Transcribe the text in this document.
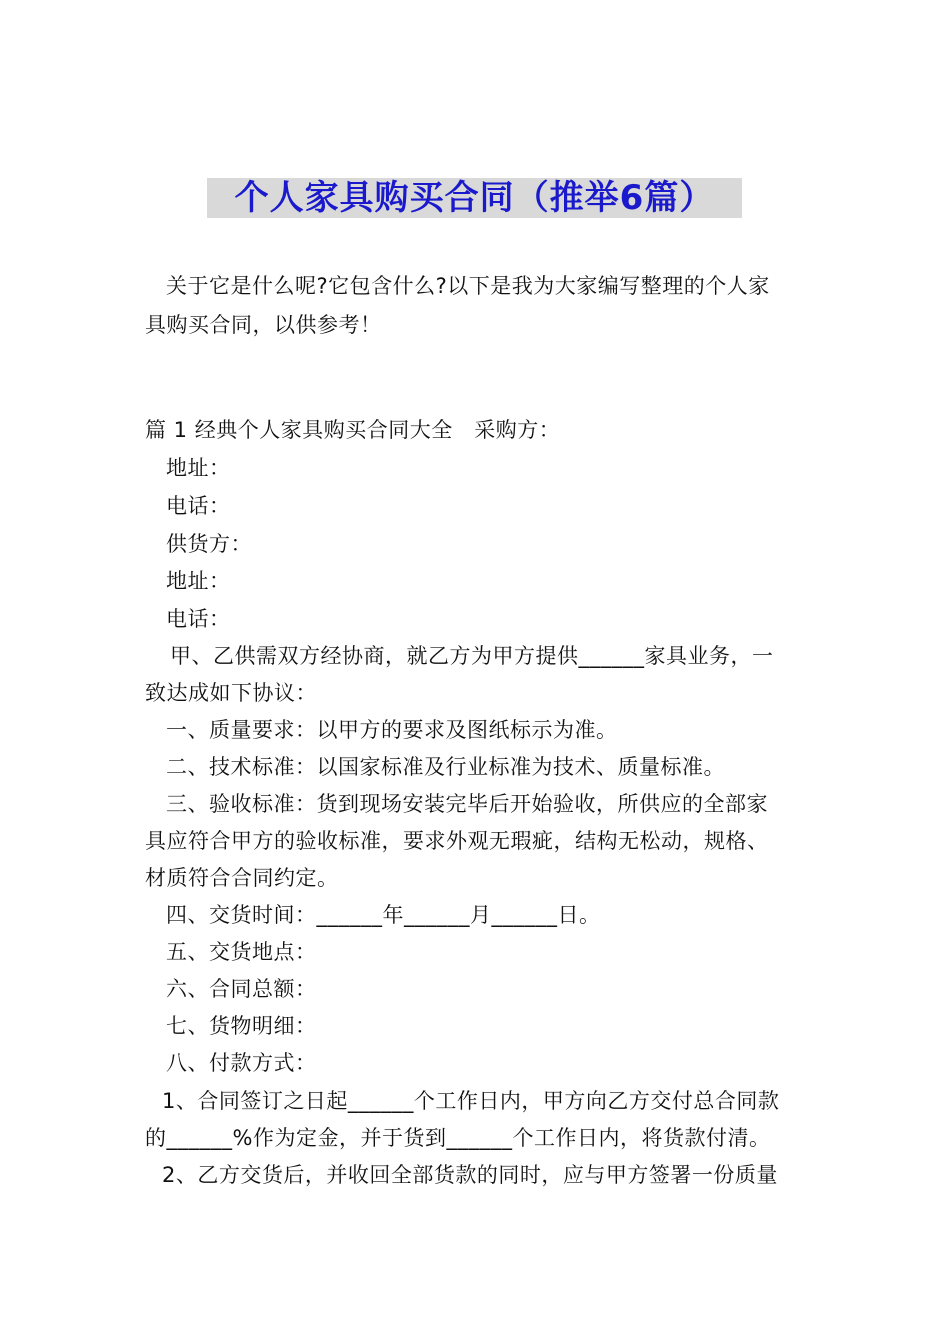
个人家具购买合同（推举6篇）
关于它是什么呢?它包含什么?以下是我为大家编写整理的个人家
具购买合同，以供参考！
篇 1 经典个人家具购买合同大全　采购方：
地址：
电话：
供货方：
地址：
电话：
甲、乙供需双方经协商，就乙方为甲方提供______家具业务，一
致达成如下协议：
一、质量要求：以甲方的要求及图纸标示为准。
二、技术标准：以国家标准及行业标准为技术、质量标准。
三、验收标准：货到现场安装完毕后开始验收，所供应的全部家
具应符合甲方的验收标准，要求外观无瑕疵，结构无松动，规格、
材质符合合同约定。
四、交货时间：______年______月______日。
五、交货地点：
六、合同总额：
七、货物明细：
八、付款方式：
1、合同签订之日起______个工作日内，甲方向乙方交付总合同款
的______%作为定金，并于货到______个工作日内，将货款付清。
2、乙方交货后，并收回全部货款的同时，应与甲方签署一份质量
